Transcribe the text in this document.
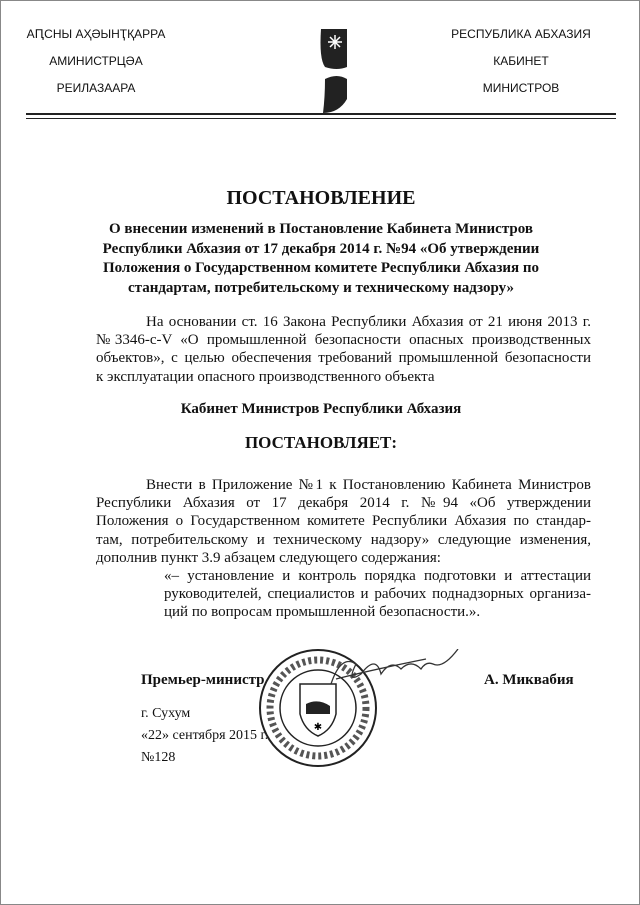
АԤСНЫ АҲӘЫНҬҚАРРА
АМИНИСТРЦӘА
РЕИЛАЗААРА
РЕСПУБЛИКА АБХАЗИЯ
КАБИНЕТ
МИНИСТРОВ
ПОСТАНОВЛЕНИЕ
О внесении изменений в Постановление Кабинета Министров
Республики Абхазия от 17 декабря 2014 г. №94 «Об утверждении
Положения о Государственном комитете Республики Абхазия по
стандартам, потребительскому и техническому надзору»
На основании ст. 16 Закона Республики Абхазия от 21 июня 2013 г.
№3346-с-V «О промышленной безопасности опасных производственных
объектов», с целью обеспечения требований промышленной безопасности
к эксплуатации опасного производственного объекта
Кабинет Министров Республики Абхазия
ПОСТАНОВЛЯЕТ:
Внести в Приложение №1 к Постановлению Кабинета Министров
Республики Абхазия от 17 декабря 2014 г. №94 «Об утверждении
Положения о Государственном комитете Республики Абхазия по стандар-
там, потребительскому и техническому надзору» следующие изменения,
дополнив пункт 3.9 абзацем следующего содержания:
«– установление и контроль порядка подготовки и аттестации
руководителей, специалистов и рабочих поднадзорных организа-
ций по вопросам промышленной безопасности.».
Премьер-министр	А. Миквабия
г. Сухум
«22» сентября 2015 г.
№128
✱
